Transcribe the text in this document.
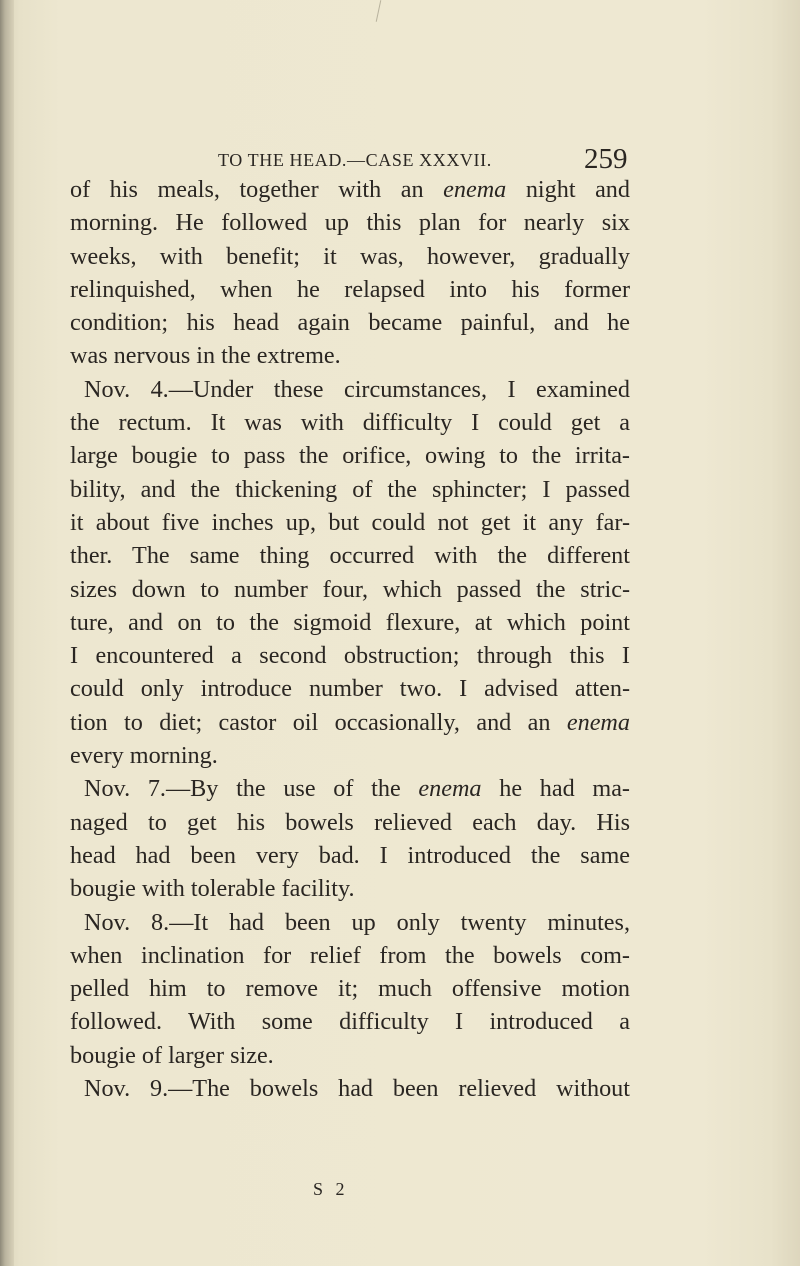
TO THE HEAD.—CASE XXXVII.	259
of his meals, together with an enema night and
morning. He followed up this plan for nearly six
weeks, with benefit; it was, however, gradually
relinquished, when he relapsed into his former
condition; his head again became painful, and he
was nervous in the extreme.
Nov. 4.—Under these circumstances, I examined
the rectum. It was with difficulty I could get a
large bougie to pass the orifice, owing to the irrita-
bility, and the thickening of the sphincter; I passed
it about five inches up, but could not get it any far-
ther. The same thing occurred with the different
sizes down to number four, which passed the stric-
ture, and on to the sigmoid flexure, at which point
I encountered a second obstruction; through this I
could only introduce number two. I advised atten-
tion to diet; castor oil occasionally, and an enema
every morning.
Nov. 7.—By the use of the enema he had ma-
naged to get his bowels relieved each day. His
head had been very bad. I introduced the same
bougie with tolerable facility.
Nov. 8.—It had been up only twenty minutes,
when inclination for relief from the bowels com-
pelled him to remove it; much offensive motion
followed. With some difficulty I introduced a
bougie of larger size.
Nov. 9.—The bowels had been relieved without
S 2
